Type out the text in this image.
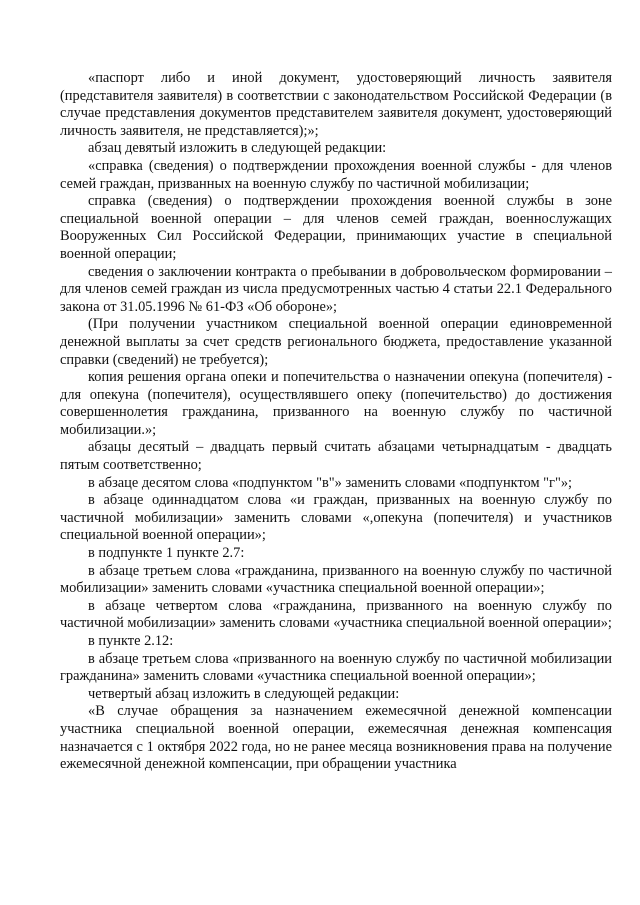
«паспорт либо и иной документ, удостоверяющий личность заявителя (представителя заявителя) в соответствии с законодательством Российской Федерации (в случае представления документов представителем заявителя документ, удостоверяющий личность заявителя, не представляется);»;

абзац девятый изложить в следующей редакции:

«справка (сведения) о подтверждении прохождения военной службы - для членов семей граждан, призванных на военную службу по частичной мобилизации;

справка (сведения) о подтверждении прохождения военной службы в зоне специальной военной операции – для членов семей граждан, военнослужащих Вооруженных Сил Российской Федерации, принимающих участие в специальной военной операции;

сведения о заключении контракта о пребывании в добровольческом формировании – для членов семей граждан из числа предусмотренных частью 4 статьи 22.1 Федерального закона от 31.05.1996 № 61-ФЗ «Об обороне»;

(При получении участником специальной военной операции единовременной денежной выплаты за счет средств регионального бюджета, предоставление указанной справки (сведений) не требуется);

копия решения органа опеки и попечительства о назначении опекуна (попечителя) - для опекуна (попечителя), осуществлявшего опеку (попечительство) до достижения совершеннолетия гражданина, призванного на военную службу по частичной мобилизации.»;

абзацы десятый – двадцать первый считать абзацами четырнадцатым - двадцать пятым соответственно;

в абзаце десятом слова «подпунктом "в"» заменить словами «подпунктом "г"»;

в абзаце одиннадцатом слова «и граждан, призванных на военную службу по частичной мобилизации» заменить словами «,опекуна (попечителя) и участников специальной военной операции»;

в подпункте 1 пункте 2.7:

в абзаце третьем слова «гражданина, призванного на военную службу по частичной мобилизации» заменить словами «участника специальной военной операции»;

в абзаце четвертом слова «гражданина, призванного на военную службу по частичной мобилизации» заменить словами «участника специальной военной операции»;

в пункте 2.12:

в абзаце третьем слова «призванного на военную службу по частичной мобилизации гражданина» заменить словами «участника специальной военной операции»;

четвертый абзац изложить в следующей редакции:

«В случае обращения за назначением ежемесячной денежной компенсации участника специальной военной операции, ежемесячная денежная компенсация назначается с 1 октября 2022 года, но не ранее месяца возникновения права на получение ежемесячной денежной компенсации, при обращении участника
